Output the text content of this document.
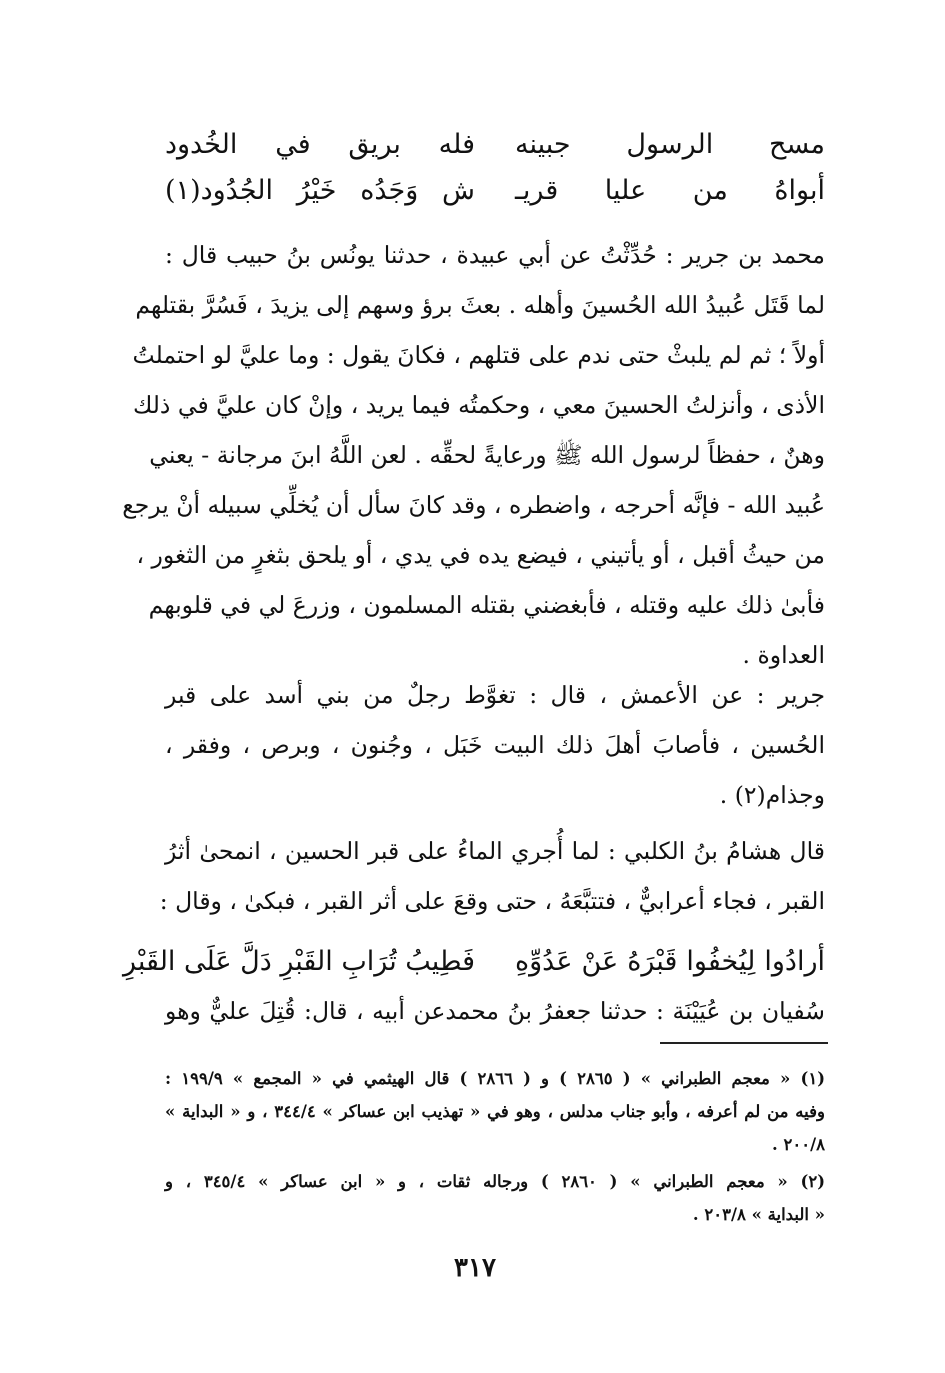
مسح الرسول جبينه
فله بريق في الخُدود
أبواهُ من عليا قريـ
ش وَجَدُه خَيْرُ الجُدُود(١)
محمد بن جرير : حُدِّثْتُ عن أبي عبيدة ، حدثنا يونُس بنُ حبيب قال :
لما قَتَل عُبيدُ الله الحُسينَ وأهله . بعثَ برؤ وسهم إلى يزيدَ ، فَسُرَّ بقتلهم
أولاً ؛ ثم لم يلبثْ حتى ندم على قتلهم ، فكانَ يقول : وما عليَّ لو احتملتُ
الأذى ، وأنزلتُ الحسينَ معي ، وحكمتُه فيما يريد ، وإنْ كان عليَّ في ذلك
وهنٌ ، حفظاً لرسول الله ﷺ ورعايةً لحقِّه . لعن اللَّهُ ابنَ مرجانة - يعني
عُبيد الله - فإنَّه أحرجه ، واضطره ، وقد كانَ سأل أن يُخلِّي سبيله أنْ يرجع
من حيثُ أقبل ، أو يأتيني ، فيضع يده في يدي ، أو يلحق بثغرٍ من الثغور ،
فأبىٰ ذلك عليه وقتله ، فأبغضني بقتله المسلمون ، وزرعَ لي في قلوبهم
العداوة .
جرير : عن الأعمش ، قال : تغوَّط رجلٌ من بني أسد على قبر
الحُسين ، فأصابَ أهلَ ذلك البيت خَبَل ، وجُنون ، وبرص ، وفقر ،
وجذام(٢) .
قال هشامُ بنُ الكلبي : لما أُجري الماءُ على قبر الحسين ، انمحىٰ أثرُ
القبر ، فجاء أعرابيٌّ ، فتتبَّعَهُ ، حتى وقعَ على أثر القبر ، فبكىٰ ، وقال :
أرادُوا لِيُخفُوا قَبْرَهُ عَنْ عَدُوِّهِ
فَطِيبُ تُرَابِ القَبْرِ دَلَّ عَلَى القَبْرِ
سُفيان بن عُيَيْنَة : حدثنا جعفرُ بنُ محمدعن أبيه ، قال: قُتِلَ عليٌّ وهو
(١) « معجم الطبراني » ( ٢٨٦٥ ) و ( ٢٨٦٦ ) قال الهيثمي في « المجمع » ١٩٩/٩ :
وفيه من لم أعرفه ، وأبو جناب مدلس ، وهو في « تهذيب ابن عساكر » ٣٤٤/٤ ، و « البداية »
٢٠٠/٨ .
(٢) « معجم الطبراني » ( ٢٨٦٠ ) ورجاله ثقات ، و « ابن عساكر » ٣٤٥/٤ ، و
« البداية » ٢٠٣/٨ .
٣١٧
